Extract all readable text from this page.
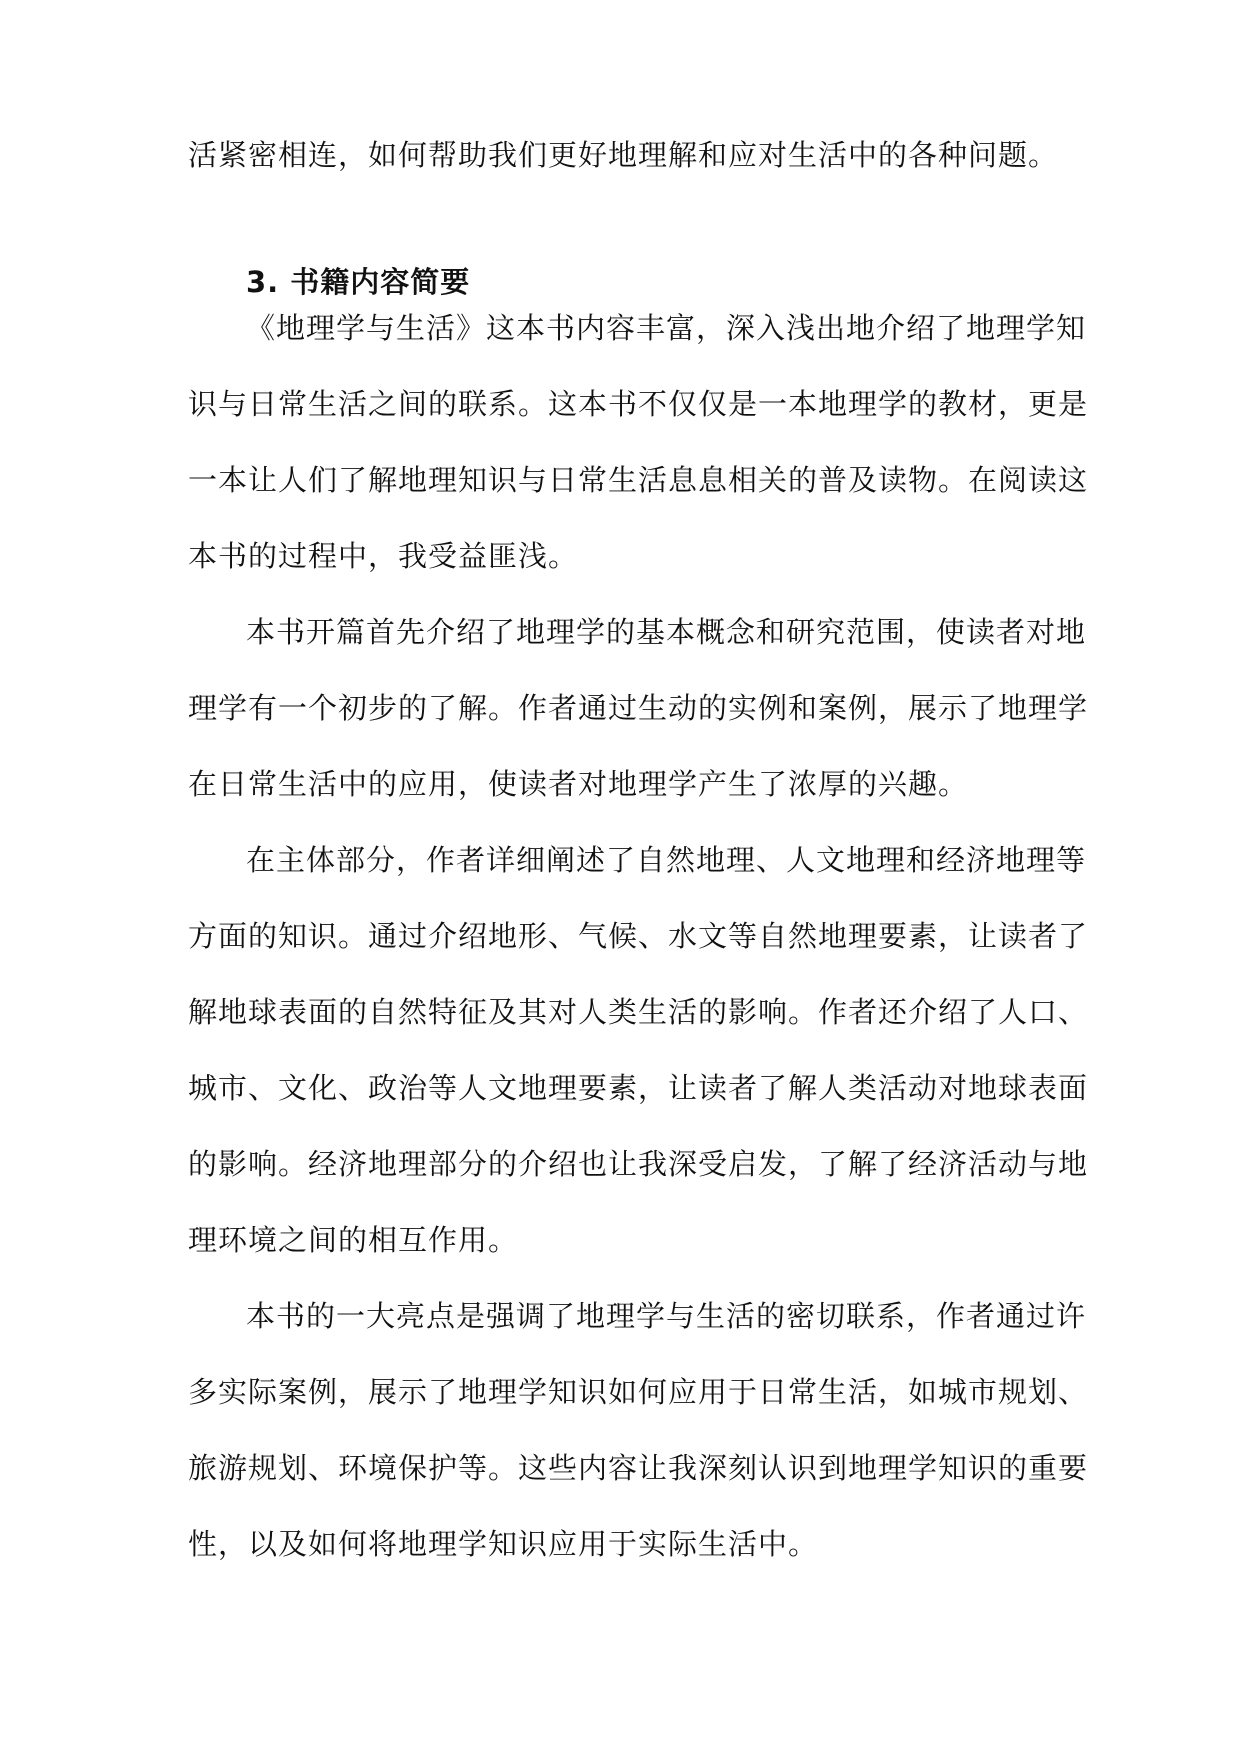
活紧密相连，如何帮助我们更好地理解和应对生活中的各种问题。
3. 书籍内容简要
《地理学与生活》这本书内容丰富，深入浅出地介绍了地理学知
识与日常生活之间的联系。这本书不仅仅是一本地理学的教材，更是
一本让人们了解地理知识与日常生活息息相关的普及读物。在阅读这
本书的过程中，我受益匪浅。
本书开篇首先介绍了地理学的基本概念和研究范围，使读者对地
理学有一个初步的了解。作者通过生动的实例和案例，展示了地理学
在日常生活中的应用，使读者对地理学产生了浓厚的兴趣。
在主体部分，作者详细阐述了自然地理、人文地理和经济地理等
方面的知识。通过介绍地形、气候、水文等自然地理要素，让读者了
解地球表面的自然特征及其对人类生活的影响。作者还介绍了人口、
城市、文化、政治等人文地理要素，让读者了解人类活动对地球表面
的影响。经济地理部分的介绍也让我深受启发，了解了经济活动与地
理环境之间的相互作用。
本书的一大亮点是强调了地理学与生活的密切联系，作者通过许
多实际案例，展示了地理学知识如何应用于日常生活，如城市规划、
旅游规划、环境保护等。这些内容让我深刻认识到地理学知识的重要
性，以及如何将地理学知识应用于实际生活中。
